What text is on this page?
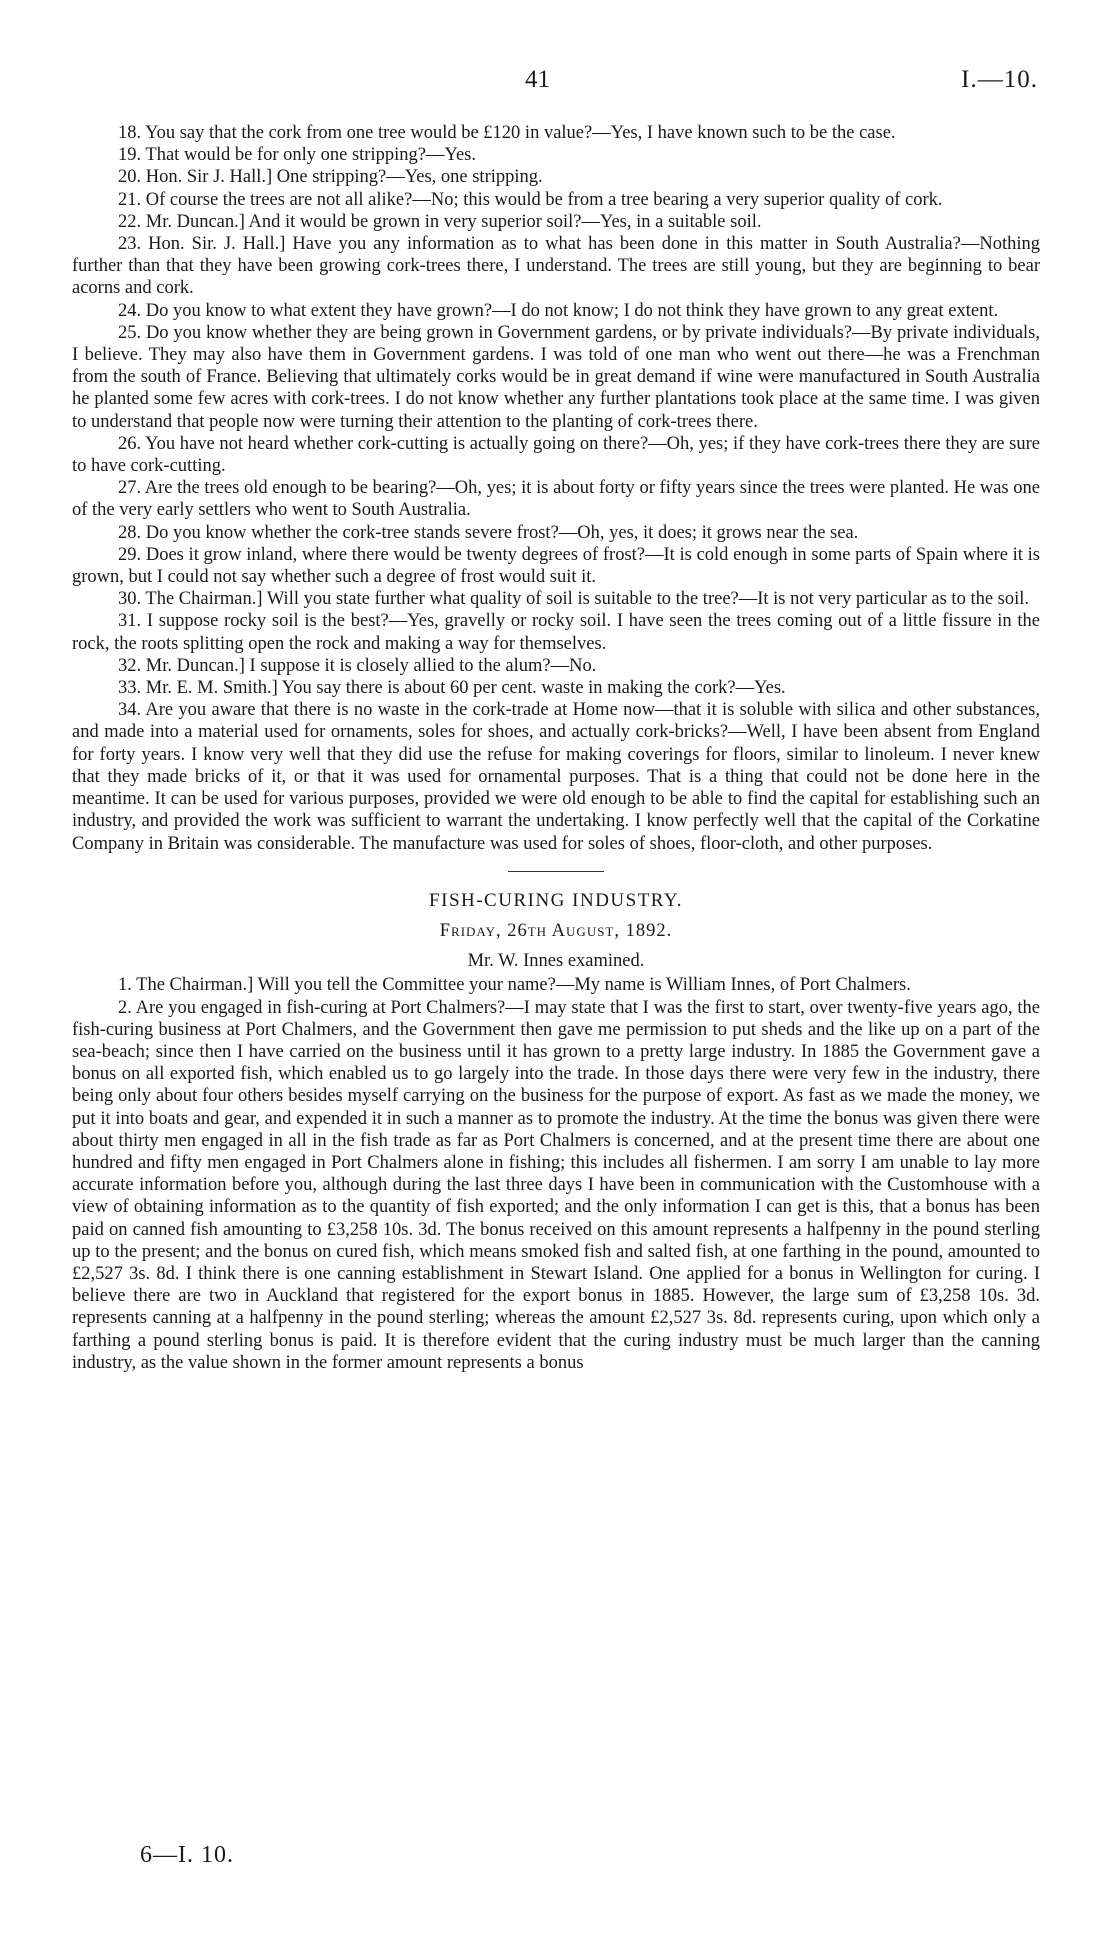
41	I.—10.

18. You say that the cork from one tree would be £120 in value?—Yes, I have known such to be the case.

19. That would be for only one stripping?—Yes.

20. Hon. Sir J. Hall.] One stripping?—Yes, one stripping.

21. Of course the trees are not all alike?—No; this would be from a tree bearing a very superior quality of cork.

22. Mr. Duncan.] And it would be grown in very superior soil?—Yes, in a suitable soil.

23. Hon. Sir. J. Hall.] Have you any information as to what has been done in this matter in South Australia?—Nothing further than that they have been growing cork-trees there, I understand. The trees are still young, but they are beginning to bear acorns and cork.

24. Do you know to what extent they have grown?—I do not know; I do not think they have grown to any great extent.

25. Do you know whether they are being grown in Government gardens, or by private individuals?—By private individuals, I believe. They may also have them in Government gardens. I was told of one man who went out there—he was a Frenchman from the south of France. Believing that ultimately corks would be in great demand if wine were manufactured in South Australia he planted some few acres with cork-trees. I do not know whether any further plantations took place at the same time. I was given to understand that people now were turning their attention to the planting of cork-trees there.

26. You have not heard whether cork-cutting is actually going on there?—Oh, yes; if they have cork-trees there they are sure to have cork-cutting.

27. Are the trees old enough to be bearing?—Oh, yes; it is about forty or fifty years since the trees were planted. He was one of the very early settlers who went to South Australia.

28. Do you know whether the cork-tree stands severe frost?—Oh, yes, it does; it grows near the sea.

29. Does it grow inland, where there would be twenty degrees of frost?—It is cold enough in some parts of Spain where it is grown, but I could not say whether such a degree of frost would suit it.

30. The Chairman.] Will you state further what quality of soil is suitable to the tree?—It is not very particular as to the soil.

31. I suppose rocky soil is the best?—Yes, gravelly or rocky soil. I have seen the trees coming out of a little fissure in the rock, the roots splitting open the rock and making a way for themselves.

32. Mr. Duncan.] I suppose it is closely allied to the alum?—No.

33. Mr. E. M. Smith.] You say there is about 60 per cent. waste in making the cork?—Yes.

34. Are you aware that there is no waste in the cork-trade at Home now—that it is soluble with silica and other substances, and made into a material used for ornaments, soles for shoes, and actually cork-bricks?—Well, I have been absent from England for forty years. I know very well that they did use the refuse for making coverings for floors, similar to linoleum. I never knew that they made bricks of it, or that it was used for ornamental purposes. That is a thing that could not be done here in the meantime. It can be used for various purposes, provided we were old enough to be able to find the capital for establishing such an industry, and provided the work was sufficient to warrant the undertaking. I know perfectly well that the capital of the Corkatine Company in Britain was considerable. The manufacture was used for soles of shoes, floor-cloth, and other purposes.

FISH-CURING INDUSTRY.

Friday, 26th August, 1892.

Mr. W. Innes examined.

1. The Chairman.] Will you tell the Committee your name?—My name is William Innes, of Port Chalmers.

2. Are you engaged in fish-curing at Port Chalmers?—I may state that I was the first to start, over twenty-five years ago, the fish-curing business at Port Chalmers, and the Government then gave me permission to put sheds and the like up on a part of the sea-beach; since then I have carried on the business until it has grown to a pretty large industry. In 1885 the Government gave a bonus on all exported fish, which enabled us to go largely into the trade. In those days there were very few in the industry, there being only about four others besides myself carrying on the business for the purpose of export. As fast as we made the money, we put it into boats and gear, and expended it in such a manner as to promote the industry. At the time the bonus was given there were about thirty men engaged in all in the fish trade as far as Port Chalmers is concerned, and at the present time there are about one hundred and fifty men engaged in Port Chalmers alone in fishing; this includes all fishermen. I am sorry I am unable to lay more accurate information before you, although during the last three days I have been in communication with the Customhouse with a view of obtaining information as to the quantity of fish exported; and the only information I can get is this, that a bonus has been paid on canned fish amounting to £3,258 10s. 3d. The bonus received on this amount represents a halfpenny in the pound sterling up to the present; and the bonus on cured fish, which means smoked fish and salted fish, at one farthing in the pound, amounted to £2,527 3s. 8d. I think there is one canning establishment in Stewart Island. One applied for a bonus in Wellington for curing. I believe there are two in Auckland that registered for the export bonus in 1885. However, the large sum of £3,258 10s. 3d. represents canning at a halfpenny in the pound sterling; whereas the amount £2,527 3s. 8d. represents curing, upon which only a farthing a pound sterling bonus is paid. It is therefore evident that the curing industry must be much larger than the canning industry, as the value shown in the former amount represents a bonus

6—I. 10.
